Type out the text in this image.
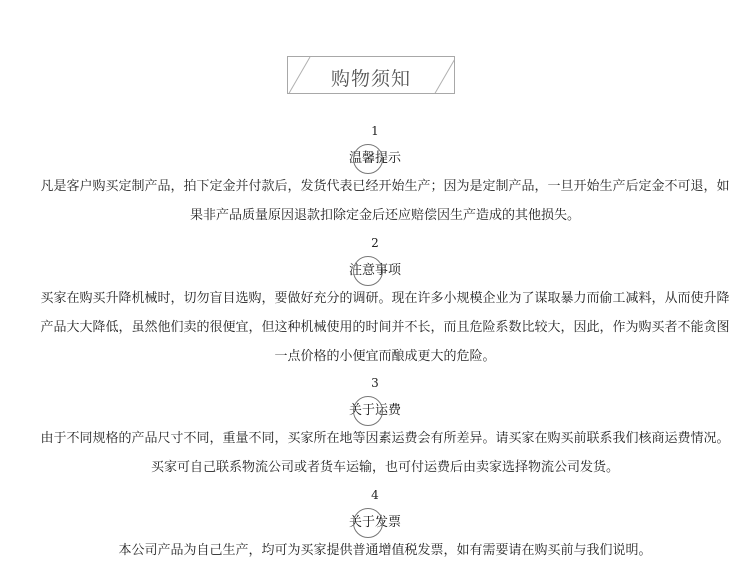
购物须知
1
温馨提示
凡是客户购买定制产品，拍下定金并付款后，发货代表已经开始生产；因为是定制产品，一旦开始生产后定金不可退，如果非产品质量原因退款扣除定金后还应赔偿因生产造成的其他损失。
2
注意事项
买家在购买升降机械时，切勿盲目选购，要做好充分的调研。现在许多小规模企业为了谋取暴力而偷工减料，从而使升降产品大大降低，虽然他们卖的很便宜，但这种机械使用的时间并不长，而且危险系数比较大，因此，作为购买者不能贪图一点价格的小便宜而酿成更大的危险。
3
关于运费
由于不同规格的产品尺寸不同，重量不同，买家所在地等因素运费会有所差异。请买家在购买前联系我们核商运费情况。买家可自己联系物流公司或者货车运输，也可付运费后由卖家选择物流公司发货。
4
关于发票
本公司产品为自己生产，均可为买家提供普通增值税发票，如有需要请在购买前与我们说明。
